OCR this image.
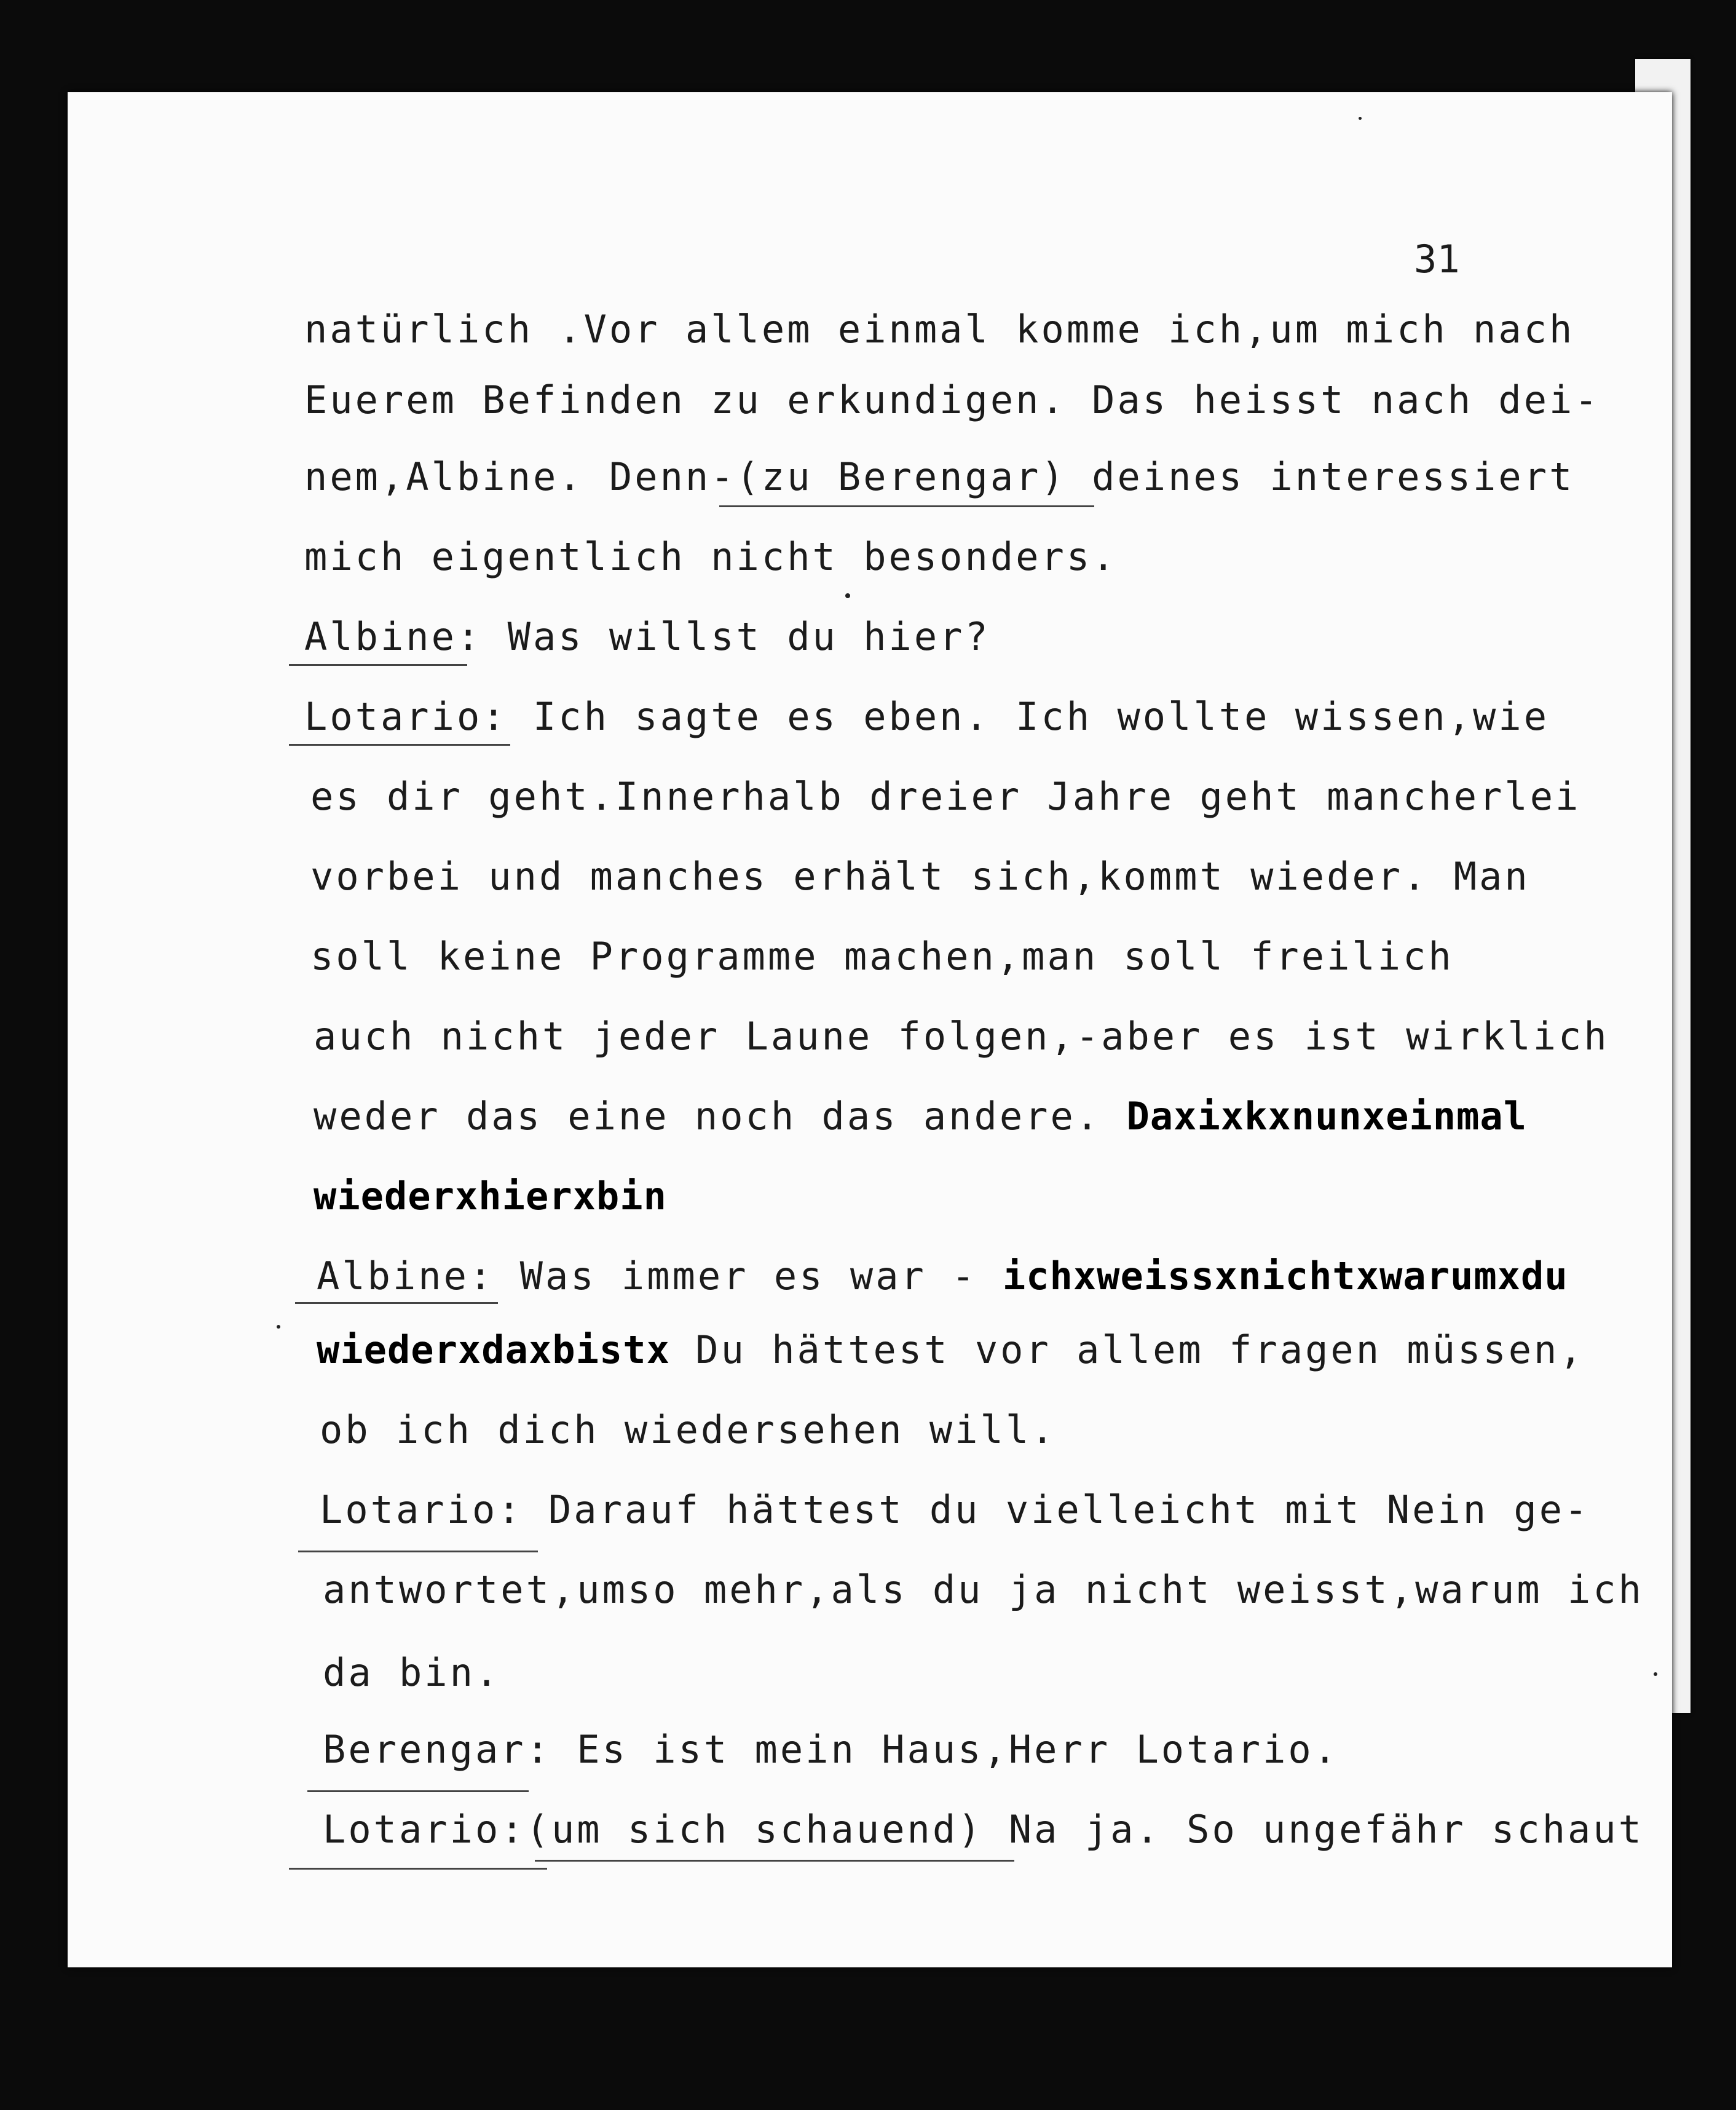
31
natürlich .Vor allem einmal komme ich,um mich nach
Euerem Befinden zu erkundigen. Das heisst nach dei-
nem,Albine. Denn-(zu Berengar) deines interessiert
mich eigentlich nicht besonders.
Albine: Was willst du hier?
Lotario: Ich sagte es eben. Ich wollte wissen,wie
es dir geht.Innerhalb dreier Jahre geht mancherlei
vorbei und manches erhält sich,kommt wieder. Man
soll keine Programme machen,man soll freilich
auch nicht jeder Laune folgen,-aber es ist wirklich
weder das eine noch das andere. Daxixkxnunxeinmal
wiederxhierxbin
Albine: Was immer es war - ichxweissxnichtxwarumxdu
wiederxdaxbistx Du hättest vor allem fragen müssen,
ob ich dich wiedersehen will.
Lotario: Darauf hättest du vielleicht mit Nein ge-
antwortet,umso mehr,als du ja nicht weisst,warum ich
da bin.
Berengar: Es ist mein Haus,Herr Lotario.
Lotario:(um sich schauend) Na ja. So ungefähr schaut
